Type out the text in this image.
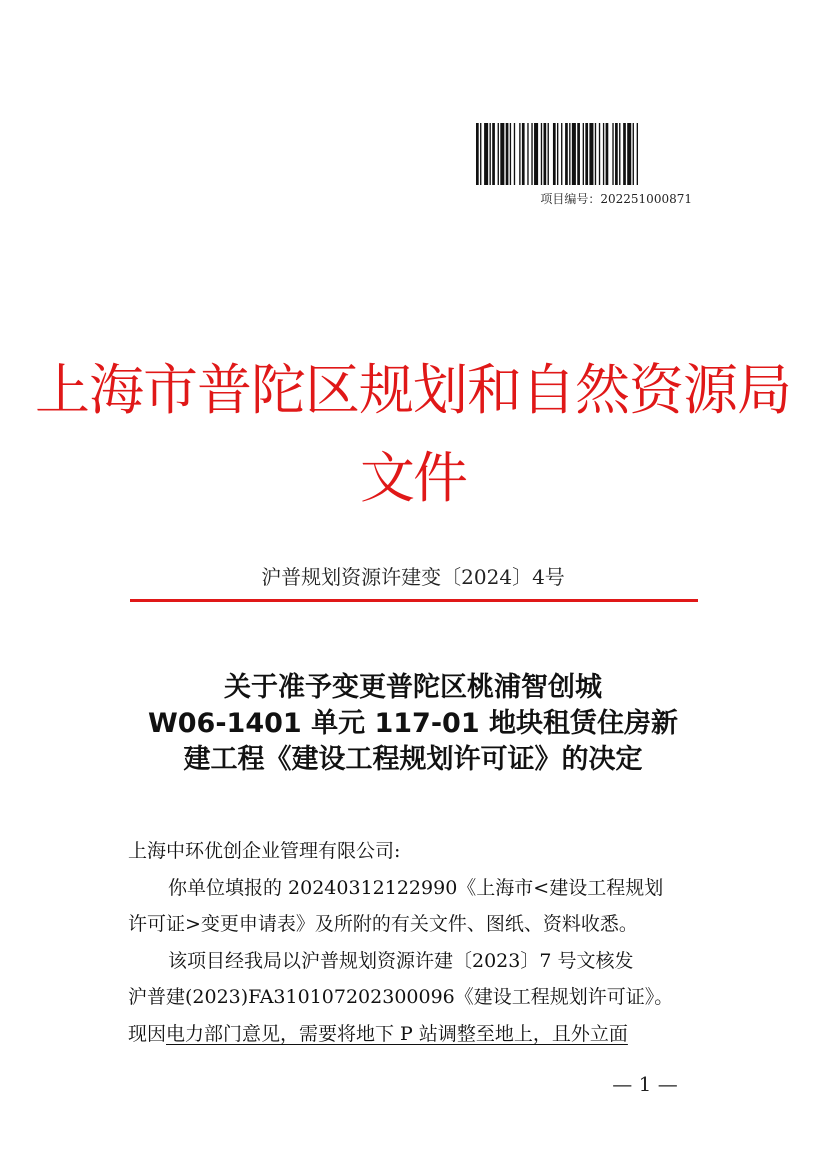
项目编号：202251000871
上海市普陀区规划和自然资源局
文件
沪普规划资源许建变〔2024〕4号
关于准予变更普陀区桃浦智创城
W06-1401 单元 117-01 地块租赁住房新
建工程《建设工程规划许可证》的决定
上海中环优创企业管理有限公司:
你单位填报的 20240312122990《上海市<建设工程规划
许可证>变更申请表》及所附的有关文件、图纸、资料收悉。
该项目经我局以沪普规划资源许建〔2023〕7 号文核发
沪普建(2023)FA310107202300096《建设工程规划许可证》。
现因电力部门意见，需要将地下 P 站调整至地上，且外立面
— 1 —
